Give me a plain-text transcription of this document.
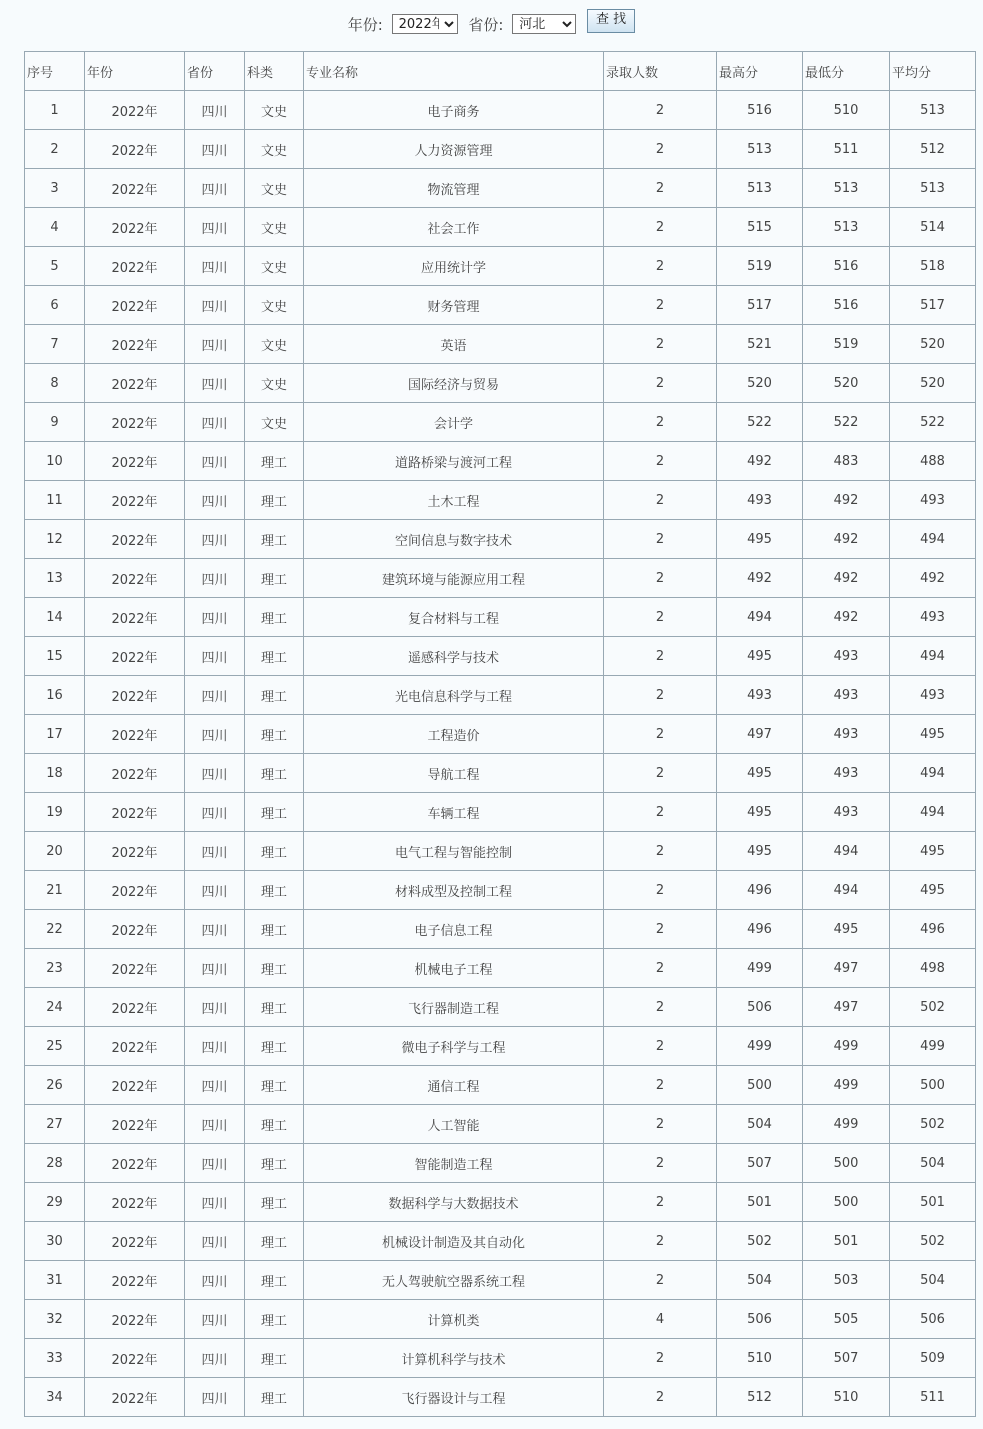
年份:
2022年	省份:
河北	查 找
序号	年份	省份	科类	专业名称	录取人数	最高分	最低分	平均分
1	2022年	四川	文史	电子商务	2	516	510	513
2	2022年	四川	文史	人力资源管理	2	513	511	512
3	2022年	四川	文史	物流管理	2	513	513	513
4	2022年	四川	文史	社会工作	2	515	513	514
5	2022年	四川	文史	应用统计学	2	519	516	518
6	2022年	四川	文史	财务管理	2	517	516	517
7	2022年	四川	文史	英语	2	521	519	520
8	2022年	四川	文史	国际经济与贸易	2	520	520	520
9	2022年	四川	文史	会计学	2	522	522	522
10	2022年	四川	理工	道路桥梁与渡河工程	2	492	483	488
11	2022年	四川	理工	土木工程	2	493	492	493
12	2022年	四川	理工	空间信息与数字技术	2	495	492	494
13	2022年	四川	理工	建筑环境与能源应用工程	2	492	492	492
14	2022年	四川	理工	复合材料与工程	2	494	492	493
15	2022年	四川	理工	遥感科学与技术	2	495	493	494
16	2022年	四川	理工	光电信息科学与工程	2	493	493	493
17	2022年	四川	理工	工程造价	2	497	493	495
18	2022年	四川	理工	导航工程	2	495	493	494
19	2022年	四川	理工	车辆工程	2	495	493	494
20	2022年	四川	理工	电气工程与智能控制	2	495	494	495
21	2022年	四川	理工	材料成型及控制工程	2	496	494	495
22	2022年	四川	理工	电子信息工程	2	496	495	496
23	2022年	四川	理工	机械电子工程	2	499	497	498
24	2022年	四川	理工	飞行器制造工程	2	506	497	502
25	2022年	四川	理工	微电子科学与工程	2	499	499	499
26	2022年	四川	理工	通信工程	2	500	499	500
27	2022年	四川	理工	人工智能	2	504	499	502
28	2022年	四川	理工	智能制造工程	2	507	500	504
29	2022年	四川	理工	数据科学与大数据技术	2	501	500	501
30	2022年	四川	理工	机械设计制造及其自动化	2	502	501	502
31	2022年	四川	理工	无人驾驶航空器系统工程	2	504	503	504
32	2022年	四川	理工	计算机类	4	506	505	506
33	2022年	四川	理工	计算机科学与技术	2	510	507	509
34	2022年	四川	理工	飞行器设计与工程	2	512	510	511
